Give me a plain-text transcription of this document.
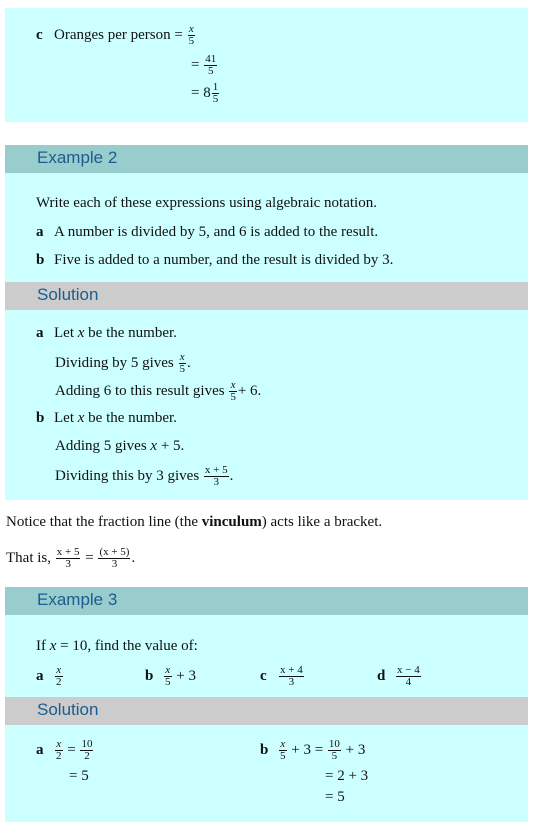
c Oranges per person = $\frac{x}{5}$
= $\frac{41}{5}$
= $8 \frac{1}{5}$
Example 2
Write each of these expressions using algebraic notation.
a A number is divided by 5, and 6 is added to the result.
b Five is added to a number, and the result is divided by 3.
Solution
a Let x be the number.
Dividing by 5 gives $\frac{x}{5}$ .
Adding 6 to this result gives $\frac{x}{5} + 6$.
b Let x be the number.
Adding 5 gives x + 5.
Dividing this by 3 gives $\frac{x + 5}{3}$ .
Notice that the fraction line (the vinculum) acts like a bracket.
That is, $\frac{x + 5}{3} = \frac{(x + 5)}{3}$ .
Example 3
If x = 10, find the value of:
a $\frac{x}{2}$	b $\frac{x}{5} + 3$	c $\frac{x + 4}{3}$	d $\frac{x - 4}{4}$
Solution
a $\frac{x}{2} = \frac{10}{2}$
= 5
b $\frac{x}{5} + 3 = \frac{10}{5} + 3$
= 2 + 3
= 5
